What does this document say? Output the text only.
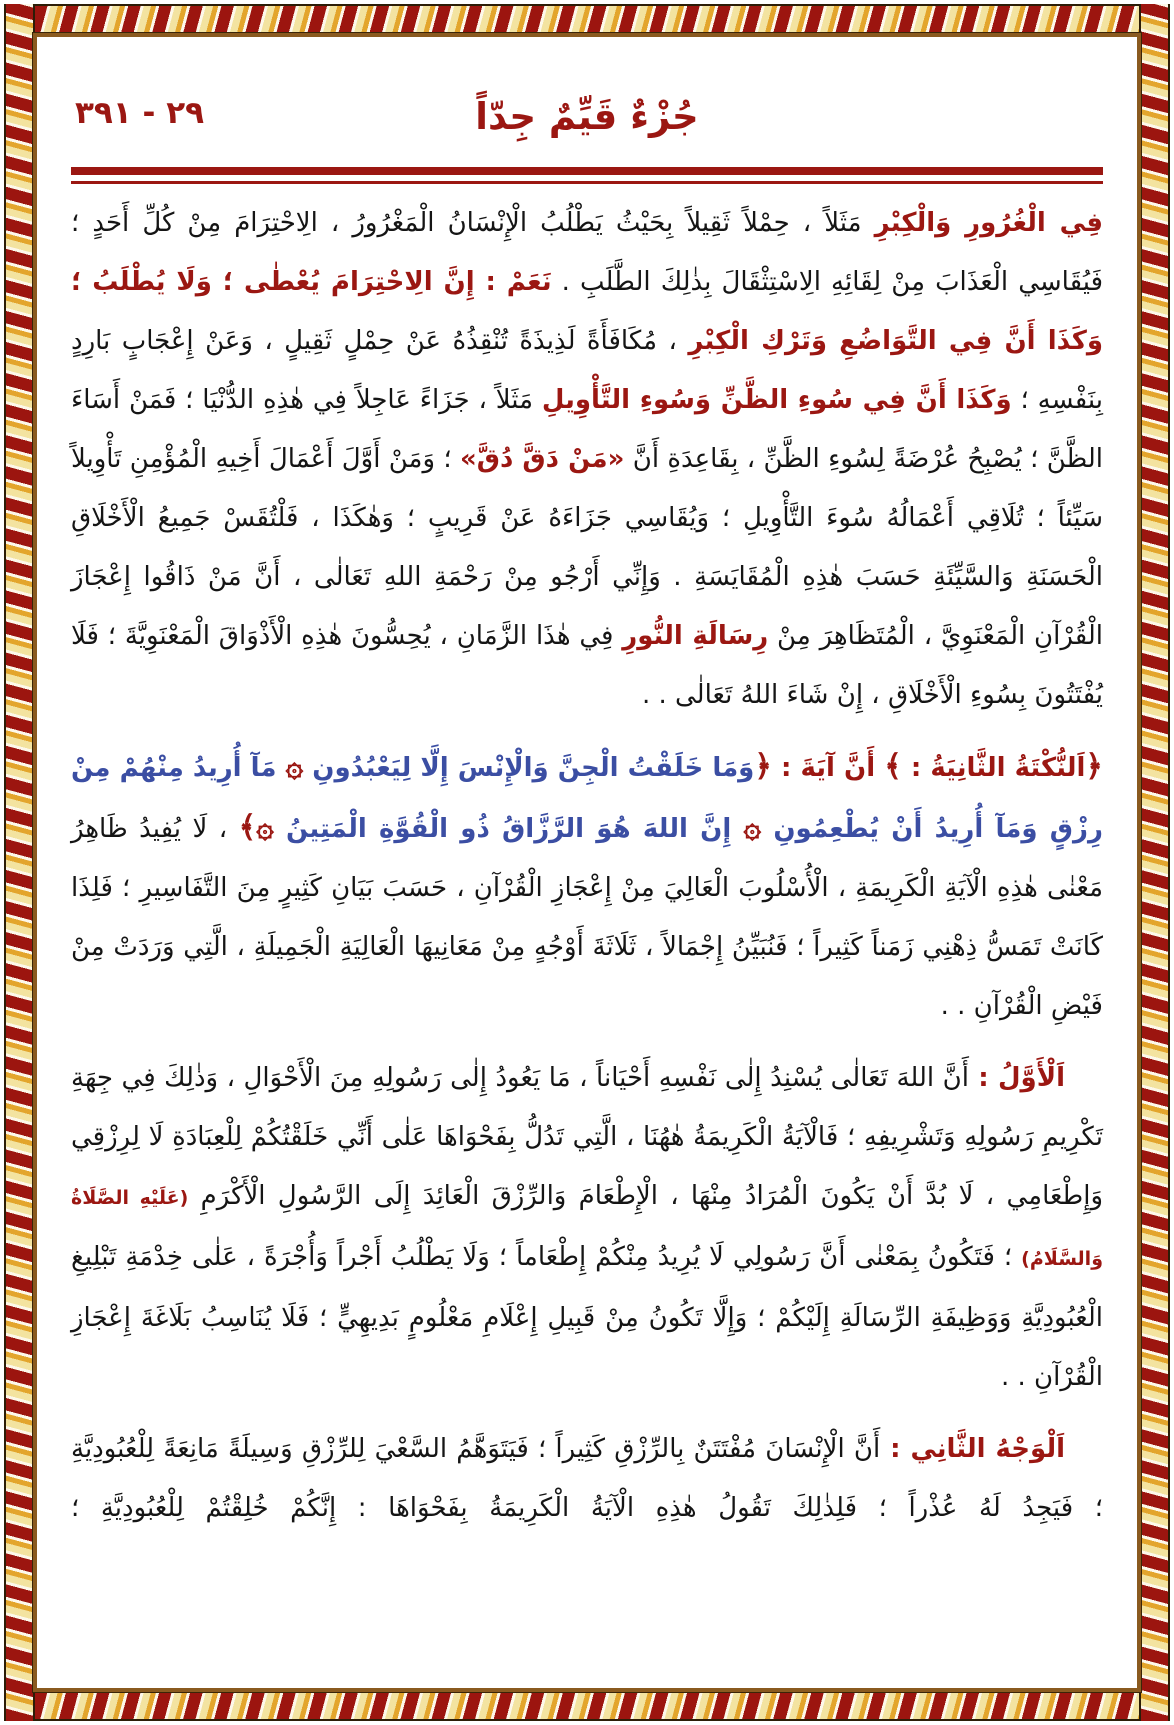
٢٩ - ٣٩١	جُزْءٌ قَيِّمٌ جِدّاً

فِي الْغُرُورِ وَالْكِبْرِ مَثَلاً ، حِمْلاً ثَقِيلاً بِحَيْثُ يَطْلُبُ الْإِنْسَانُ الْمَغْرُورُ ، الِاحْتِرَامَ مِنْ كُلِّ أَحَدٍ ؛ فَيُقَاسِي الْعَذَابَ مِنْ لِقَائِهِ الِاسْتِثْقَالَ بِذٰلِكَ الطَّلَبِ . نَعَمْ : إِنَّ الِاحْتِرَامَ يُعْطٰى ؛ وَلَا يُطْلَبُ ؛ وَكَذَا أَنَّ فِي التَّوَاضُعِ وَتَرْكِ الْكِبْرِ ، مُكَافَأَةً لَذِيذَةً تُنْقِذُهُ عَنْ حِمْلٍ ثَقِيلٍ ، وَعَنْ إِعْجَابٍ بَارِدٍ بِنَفْسِهِ ؛ وَكَذَا أَنَّ فِي سُوءِ الظَّنِّ وَسُوءِ التَّأْوِيلِ مَثَلاً ، جَزَاءً عَاجِلاً فِي هٰذِهِ الدُّنْيَا ؛ فَمَنْ أَسَاءَ الظَّنَّ ؛ يُصْبِحُ عُرْضَةً لِسُوءِ الظَّنِّ ، بِقَاعِدَةِ أَنَّ «مَنْ دَقَّ دُقَّ» ؛ وَمَنْ أَوَّلَ أَعْمَالَ أَخِيهِ الْمُؤْمِنِ تَأْوِيلاً سَيِّئاً ؛ تُلَاقِي أَعْمَالُهُ سُوءَ التَّأْوِيلِ ؛ وَيُقَاسِي جَزَاءَهُ عَنْ قَرِيبٍ ؛ وَهٰكَذَا ، فَلْتُقَسْ جَمِيعُ الْأَخْلَاقِ الْحَسَنَةِ وَالسَّيِّئَةِ حَسَبَ هٰذِهِ الْمُقَايَسَةِ . وَإِنِّي أَرْجُو مِنْ رَحْمَةِ اللهِ تَعَالٰى ، أَنَّ مَنْ ذَاقُوا إِعْجَازَ الْقُرْآنِ الْمَعْنَوِيَّ ، الْمُتَظَاهِرَ مِنْ رِسَالَةِ النُّورِ فِي هٰذَا الزَّمَانِ ، يُحِسُّونَ هٰذِهِ الْأَذْوَاقَ الْمَعْنَوِيَّةَ ؛ فَلَا يُفْتَتُونَ بِسُوءِ الْأَخْلَاقِ ، إِنْ شَاءَ اللهُ تَعَالٰى . .

﴿اَلنُّكْتَةُ الثَّانِيَةُ : ﴾ أَنَّ آيَةَ : ﴿وَمَا خَلَقْتُ الْجِنَّ وَالْإِنْسَ إِلَّا لِيَعْبُدُونِ ۞ مَآ أُرِيدُ مِنْهُمْ مِنْ رِزْقٍ وَمَآ أُرِيدُ أَنْ يُطْعِمُونِ ۞ إِنَّ اللهَ هُوَ الرَّزَّاقُ ذُو الْقُوَّةِ الْمَتِينُ ۞﴾ ، لَا يُفِيدُ ظَاهِرُ مَعْنٰى هٰذِهِ الْآيَةِ الْكَرِيمَةِ ، الْأُسْلُوبَ الْعَالِيَ مِنْ إِعْجَازِ الْقُرْآنِ ، حَسَبَ بَيَانِ كَثِيرٍ مِنَ التَّفَاسِيرِ ؛ فَلِذَا كَانَتْ تَمَسُّ ذِهْنِي زَمَناً كَثِيراً ؛ فَنُبَيِّنُ إِجْمَالاً ، ثَلَاثَةَ أَوْجُهٍ مِنْ مَعَانِيهَا الْعَالِيَةِ الْجَمِيلَةِ ، الَّتِي وَرَدَتْ مِنْ فَيْضِ الْقُرْآنِ . .

اَلْأَوَّلُ : أَنَّ اللهَ تَعَالٰى يُسْنِدُ إِلٰى نَفْسِهِ أَحْيَاناً ، مَا يَعُودُ إِلٰى رَسُولِهِ مِنَ الْأَحْوَالِ ، وَذٰلِكَ فِي جِهَةِ تَكْرِيمِ رَسُولِهِ وَتَشْرِيفِهِ ؛ فَالْآيَةُ الْكَرِيمَةُ هٰهُنَا ، الَّتِي تَدُلُّ بِفَحْوَاهَا عَلٰى أَنِّي خَلَقْتُكُمْ لِلْعِبَادَةِ لَا لِرِزْقِي وَإِطْعَامِي ، لَا بُدَّ أَنْ يَكُونَ الْمُرَادُ مِنْهَا ، الْإِطْعَامَ وَالرِّزْقَ الْعَائِدَ إِلَى الرَّسُولِ الْأَكْرَمِ (عَلَيْهِ الصَّلَاةُ وَالسَّلَامُ) ؛ فَتَكُونُ بِمَعْنٰى أَنَّ رَسُولِي لَا يُرِيدُ مِنْكُمْ إِطْعَاماً ؛ وَلَا يَطْلُبُ أَجْراً وَأُجْرَةً ، عَلٰى خِدْمَةِ تَبْلِيغِ الْعُبُودِيَّةِ وَوَظِيفَةِ الرِّسَالَةِ إِلَيْكُمْ ؛ وَإِلَّا تَكُونُ مِنْ قَبِيلِ إِعْلَامِ مَعْلُومٍ بَدِيهِيٍّ ؛ فَلَا يُنَاسِبُ بَلَاغَةَ إِعْجَازِ الْقُرْآنِ . .

اَلْوَجْهُ الثَّانِي : أَنَّ الْإِنْسَانَ مُفْتَتَنٌ بِالرِّزْقِ كَثِيراً ؛ فَيَتَوَهَّمُ السَّعْيَ لِلرِّزْقِ وَسِيلَةً مَانِعَةً لِلْعُبُودِيَّةِ ؛ فَيَجِدُ لَهُ عُذْراً ؛ فَلِذٰلِكَ تَقُولُ هٰذِهِ الْآيَةُ الْكَرِيمَةُ بِفَحْوَاهَا : إِنَّكُمْ خُلِقْتُمْ لِلْعُبُودِيَّةِ ؛
